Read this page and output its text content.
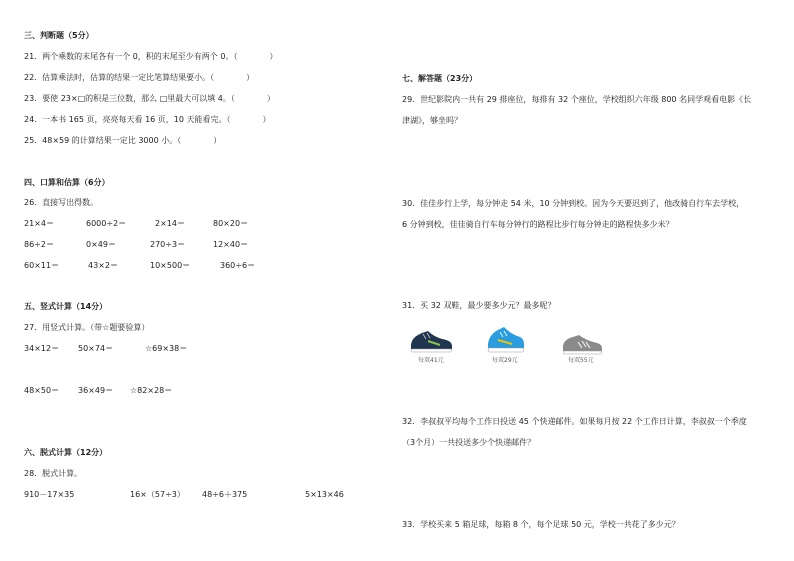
三、判断题（5分）
21．两个乘数的末尾各有一个 0，积的末尾至少有两个 0。（　　　　）
22．估算乘法时，估算的结果一定比笔算结果要小。（　　　　）
23．要使 23×□的积是三位数，那么 □里最大可以填 4。（　　　　）
24．一本书 165 页，亮亮每天看 16 页，10 天能看完。（　　　　）
25．48×59 的计算结果一定比 3000 小。（　　　　）
四、口算和估算（6分）
26．直接写出得数。
21×4＝	6000÷2＝	2×14＝	80×20＝
86÷2＝	0×49＝	270÷3＝	12×40＝
60×11＝	43×2＝	10×500＝	360÷6＝
五、竖式计算（14分）
27．用竖式计算。（带☆题要验算）
34×12＝ 50×74＝	☆69×38＝
48×50＝ 36×49＝ ☆82×28＝
六、脱式计算（12分）
28．脱式计算。
910－17×35	16×（57÷3） 48÷6＋375	5×13×46
七、解答题（23分）
29．世纪影院内一共有 29 排座位，每排有 32 个座位，学校组织六年级 800 名同学观看电影《长
津湖》，够坐吗？
30．佳佳步行上学，每分钟走 54 米，10 分钟到校。因为今天要迟到了，他改骑自行车去学校，
6 分钟到校，佳佳骑自行车每分钟行的路程比步行每分钟走的路程快多少米？
31．买 32 双鞋，最少要多少元？最多呢？
每双41元	每双29元	每双55元
32．李叔叔平均每个工作日投送 45 个快递邮件。如果每月按 22 个工作日计算，李叔叔一个季度
（3个月）一共投送多少个快递邮件？
33．学校买来 5 箱足球，每箱 8 个，每个足球 50 元，学校一共花了多少元？
